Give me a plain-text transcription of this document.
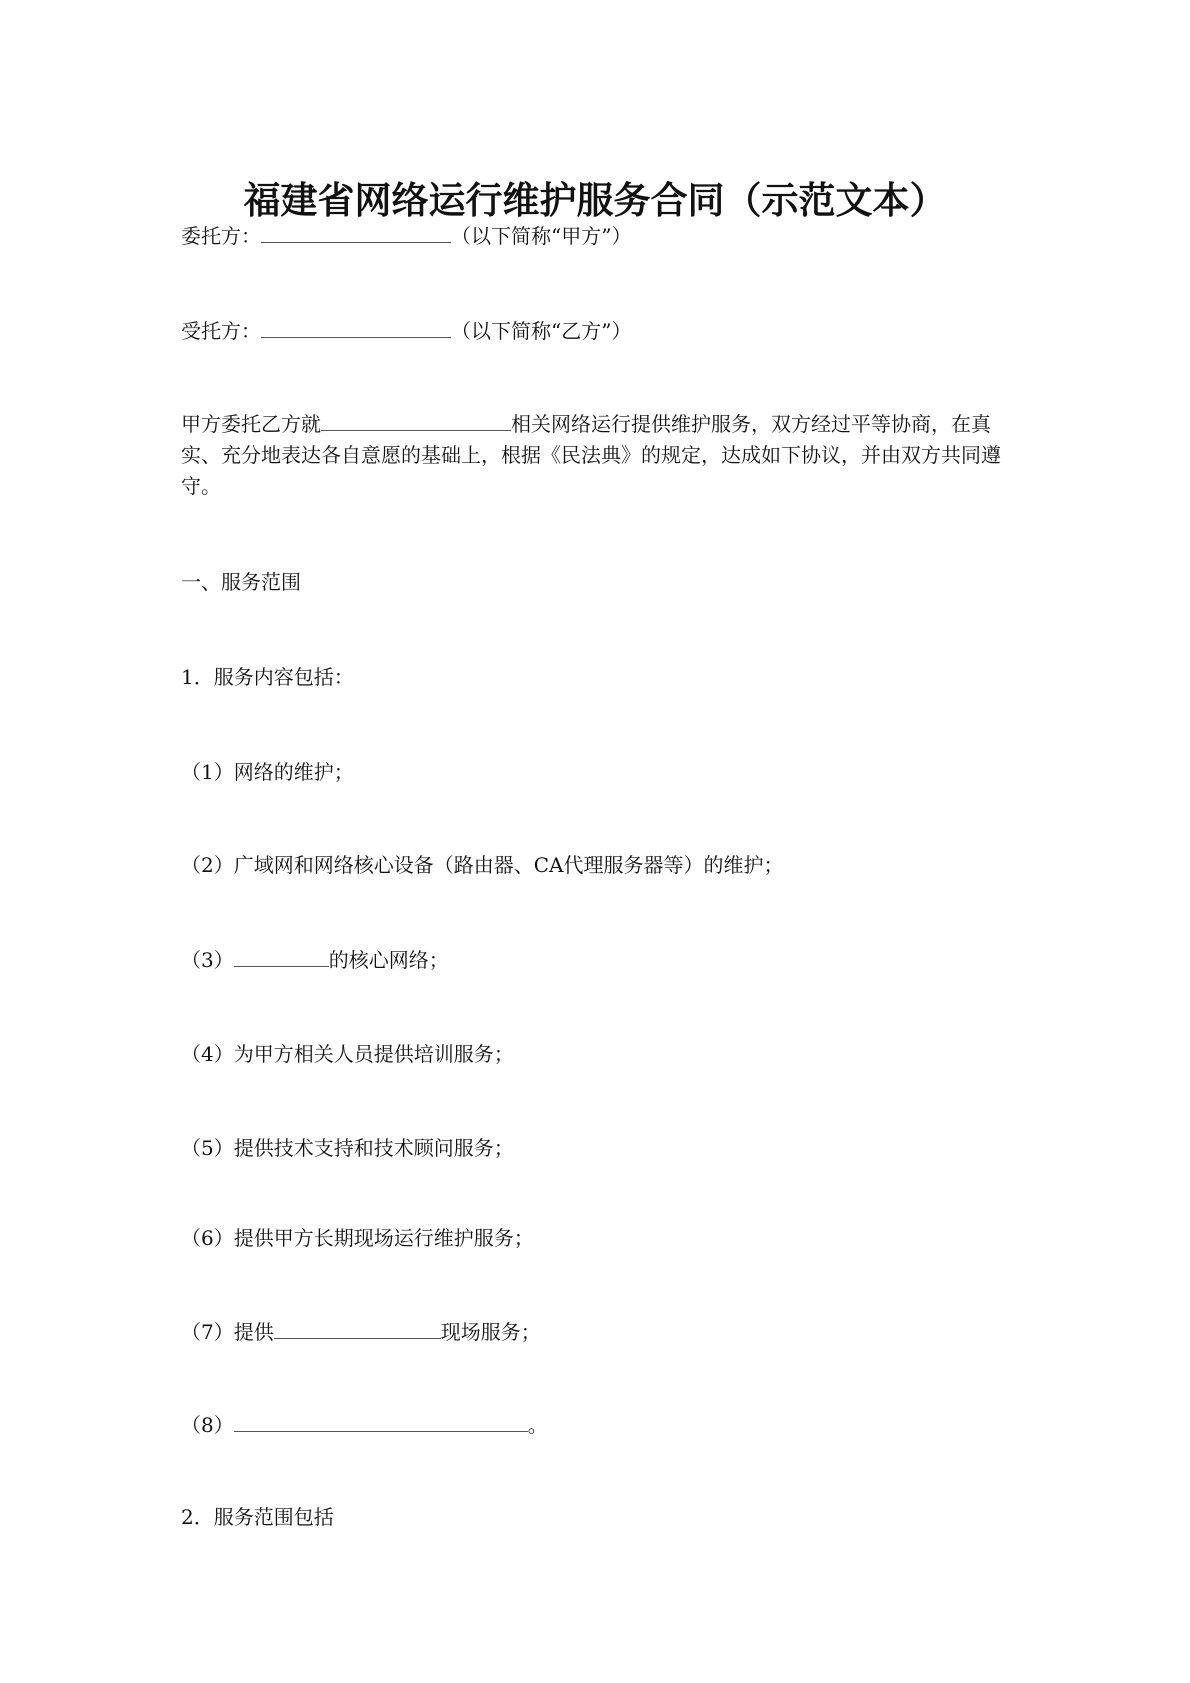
福建省网络运行维护服务合同（示范文本）
委托方：	（以下简称“甲方”）
受托方：	（以下简称“乙方”）
甲方委托乙方就	相关网络运行提供维护服务，双方经过平等协商，在真实、充分地表达各自意愿的基础上，根据《民法典》的规定，达成如下协议，并由双方共同遵守。
一、服务范围
1．服务内容包括：
（1）网络的维护；
（2）广域网和网络核心设备（路由器、CA代理服务器等）的维护；
（3）	的核心网络；
（4）为甲方相关人员提供培训服务；
（5）提供技术支持和技术顾问服务；
（6）提供甲方长期现场运行维护服务；
（7）提供	现场服务；
（8）	。
2．服务范围包括
